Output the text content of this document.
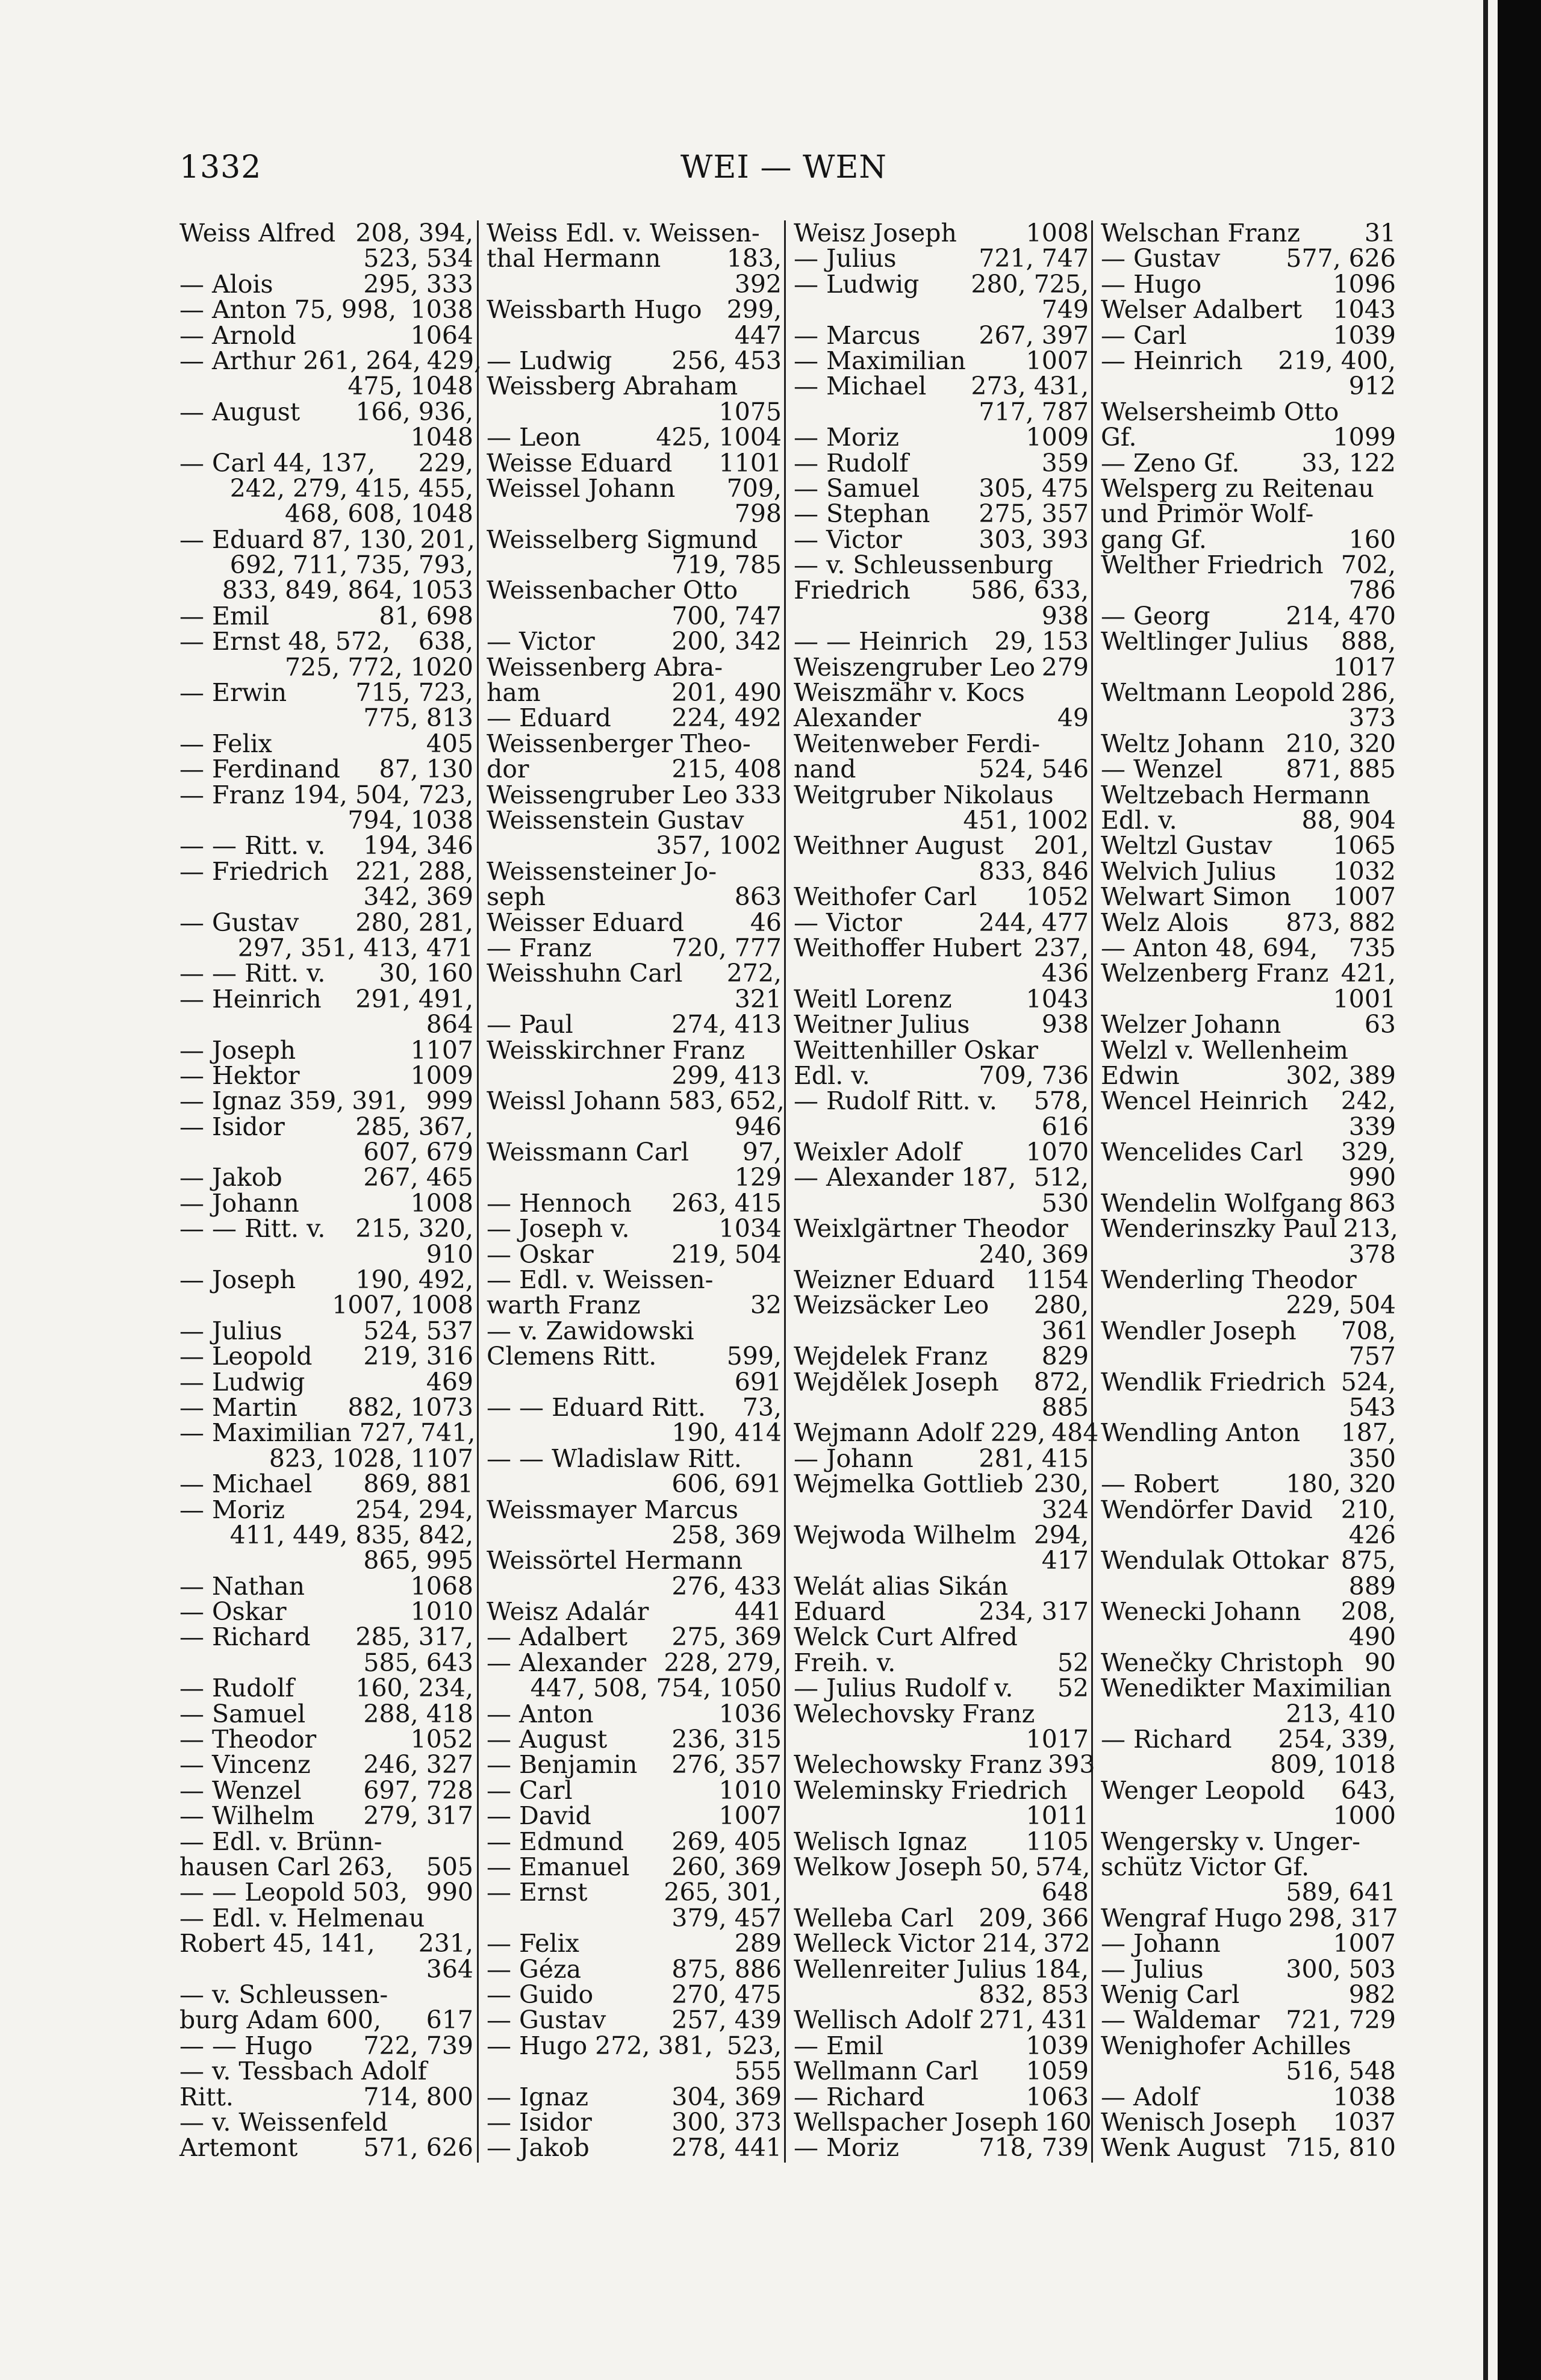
1332	WEI — WEN
Weiss Alfred 208, 394,
523, 534
— Alois	295, 333
— Anton 75, 998, 1038
— Arnold	1064
— Arthur 261, 264, 429,
475, 1048
— August 166, 936,
1048
— Carl 44, 137, 229,
242, 279, 415, 455,
468, 608, 1048
— Eduard 87, 130, 201,
692, 711, 735, 793,
833, 849, 864, 1053
— Emil	81, 698
— Ernst 48, 572, 638,
725, 772, 1020
— Erwin	715, 723,
775, 813
— Felix	405
— Ferdinand 87, 130
— Franz 194, 504, 723,
794, 1038
— — Ritt. v. 194, 346
— Friedrich 221, 288,
342, 369
— Gustav 280, 281,
297, 351, 413, 471
— — Ritt. v. 30, 160
— Heinrich 291, 491,
864
— Joseph	1107
— Hektor	1009
— Ignaz 359, 391, 999
— Isidor	285, 367,
607, 679
— Jakob	267, 465
— Johann	1008
— — Ritt. v. 215, 320,
910
— Joseph 190, 492,
1007, 1008
— Julius	524, 537
— Leopold 219, 316
— Ludwig	469
— Martin 882, 1073
— Maximilian 727, 741,
823, 1028, 1107
— Michael 869, 881
— Moriz	254, 294,
411, 449, 835, 842,
865, 995
— Nathan	1068
— Oskar	1010
— Richard 285, 317,
585, 643
— Rudolf 160, 234,
— Samuel 288, 418
— Theodor	1052
— Vincenz 246, 327
— Wenzel	697, 728
— Wilhelm 279, 317
— Edl. v. Brünn-
hausen Carl 263, 505
— — Leopold 503, 990
— Edl. v. Helmenau
Robert 45, 141, 231,
364
— v. Schleussen-
burg Adam 600, 617
— — Hugo 722, 739
— v. Tessbach Adolf
Ritt.	714, 800
— v. Weissenfeld
Artemont	571, 626
Weiss Edl. v. Weissen-
thal Hermann	183,
392
Weissbarth Hugo 299,
447
— Ludwig 256, 453
Weissberg Abraham
1075
— Leon	425, 1004
Weisse Eduard 1101
Weissel Johann 709,
798
Weisselberg Sigmund
719, 785
Weissenbacher Otto
700, 747
— Victor	200, 342
Weissenberg Abra-
ham	201, 490
— Eduard 224, 492
Weissenberger Theo-
dor	215, 408
Weissengruber Leo 333
Weissenstein Gustav
357, 1002
Weissensteiner Jo-
seph	863
Weisser Eduard	46
— Franz	720, 777
Weisshuhn Carl 272,
321
— Paul	274, 413
Weisskirchner Franz
299, 413
Weissl Johann 583, 652,
946
Weissmann Carl 97,
129
— Hennoch 263, 415
— Joseph v.	1034
— Oskar	219, 504
— Edl. v. Weissen-
warth Franz	32
— v. Zawidowski
Clemens Ritt.	599,
691
— — Eduard Ritt. 73,
190, 414
— — Wladislaw Ritt.
606, 691
Weissmayer Marcus
258, 369
Weissörtel Hermann
276, 433
Weisz Adalár	441
— Adalbert 275, 369
— Alexander 228, 279,
447, 508, 754, 1050
— Anton	1036
— August	236, 315
— Benjamin 276, 357
— Carl	1010
— David	1007
— Edmund 269, 405
— Emanuel 260, 369
— Ernst	265, 301,
379, 457
— Felix	289
— Géza	875, 886
— Guido	270, 475
— Gustav	257, 439
— Hugo 272, 381, 523,
555
— Ignaz	304, 369
— Isidor	300, 373
— Jakob	278, 441
Weisz Joseph	1008
— Julius	721, 747
— Ludwig 280, 725,
749
— Marcus 267, 397
— Maximilian 1007
— Michael 273, 431,
717, 787
— Moriz	1009
— Rudolf	359
— Samuel 305, 475
— Stephan 275, 357
— Victor	303, 393
— v. Schleussenburg
Friedrich 586, 633,
938
— — Heinrich 29, 153
Weiszengruber Leo 279
Weiszmähr v. Kocs
Alexander	49
Weitenweber Ferdi-
nand	524, 546
Weitgruber Nikolaus
451, 1002
Weithner August 201,
833, 846
Weithofer Carl 1052
— Victor	244, 477
Weithoffer Hubert 237,
436
Weitl Lorenz	1043
Weitner Julius	938
Weittenhiller Oskar
Edl. v.	709, 736
— Rudolf Ritt. v. 578,
616
Weixler Adolf	1070
— Alexander 187, 512,
530
Weixlgärtner Theodor
240, 369
Weizner Eduard 1154
Weizsäcker Leo 280,
361
Wejdelek Franz 829
Wejdělek Joseph 872,
885
Wejmann Adolf 229, 484
— Johann	281, 415
Wejmelka Gottlieb 230,
324
Wejwoda Wilhelm 294,
417
Welát alias Sikán
Eduard	234, 317
Welck Curt Alfred
Freih. v.	52
— Julius Rudolf v. 52
Welechovsky Franz
1017
Welechowsky Franz 393
Weleminsky Friedrich
1011
Welisch Ignaz 1105
Welkow Joseph 50, 574,
648
Welleba Carl 209, 366
Welleck Victor 214, 372
Wellenreiter Julius 184,
832, 853
Wellisch Adolf 271, 431
— Emil	1039
Wellmann Carl 1059
— Richard	1063
Wellspacher Joseph 160
— Moriz	718, 739
Welschan Franz	31
— Gustav	577, 626
— Hugo	1096
Welser Adalbert 1043
— Carl	1039
— Heinrich 219, 400,
912
Welsersheimb Otto
Gf.	1099
— Zeno Gf.	33, 122
Welsperg zu Reitenau
und Primör Wolf-
gang Gf.	160
Welther Friedrich 702,
786
— Georg	214, 470
Weltlinger Julius 888,
1017
Weltmann Leopold 286,
373
Weltz Johann 210, 320
— Wenzel	871, 885
Weltzebach Hermann
Edl. v.	88, 904
Weltzl Gustav 1065
Welvich Julius 1032
Welwart Simon 1007
Welz Alois 873, 882
— Anton 48, 694, 735
Welzenberg Franz 421,
1001
Welzer Johann	63
Welzl v. Wellenheim
Edwin	302, 389
Wencel Heinrich 242,
339
Wencelides Carl 329,
990
Wendelin Wolfgang 863
Wenderinszky Paul 213,
378
Wenderling Theodor
229, 504
Wendler Joseph 708,
757
Wendlik Friedrich 524,
543
Wendling Anton 187,
350
— Robert	180, 320
Wendörfer David 210,
426
Wendulak Ottokar 875,
889
Wenecki Johann 208,
490
Wenečky Christoph 90
Wenedikter Maximilian
213, 410
— Richard 254, 339,
809, 1018
Wenger Leopold 643,
1000
Wengersky v. Unger-
schütz Victor Gf.
589, 641
Wengraf Hugo 298, 317
— Johann	1007
— Julius	300, 503
Wenig Carl	982
— Waldemar 721, 729
Wenighofer Achilles
516, 548
— Adolf	1038
Wenisch Joseph 1037
Wenk August 715, 810
